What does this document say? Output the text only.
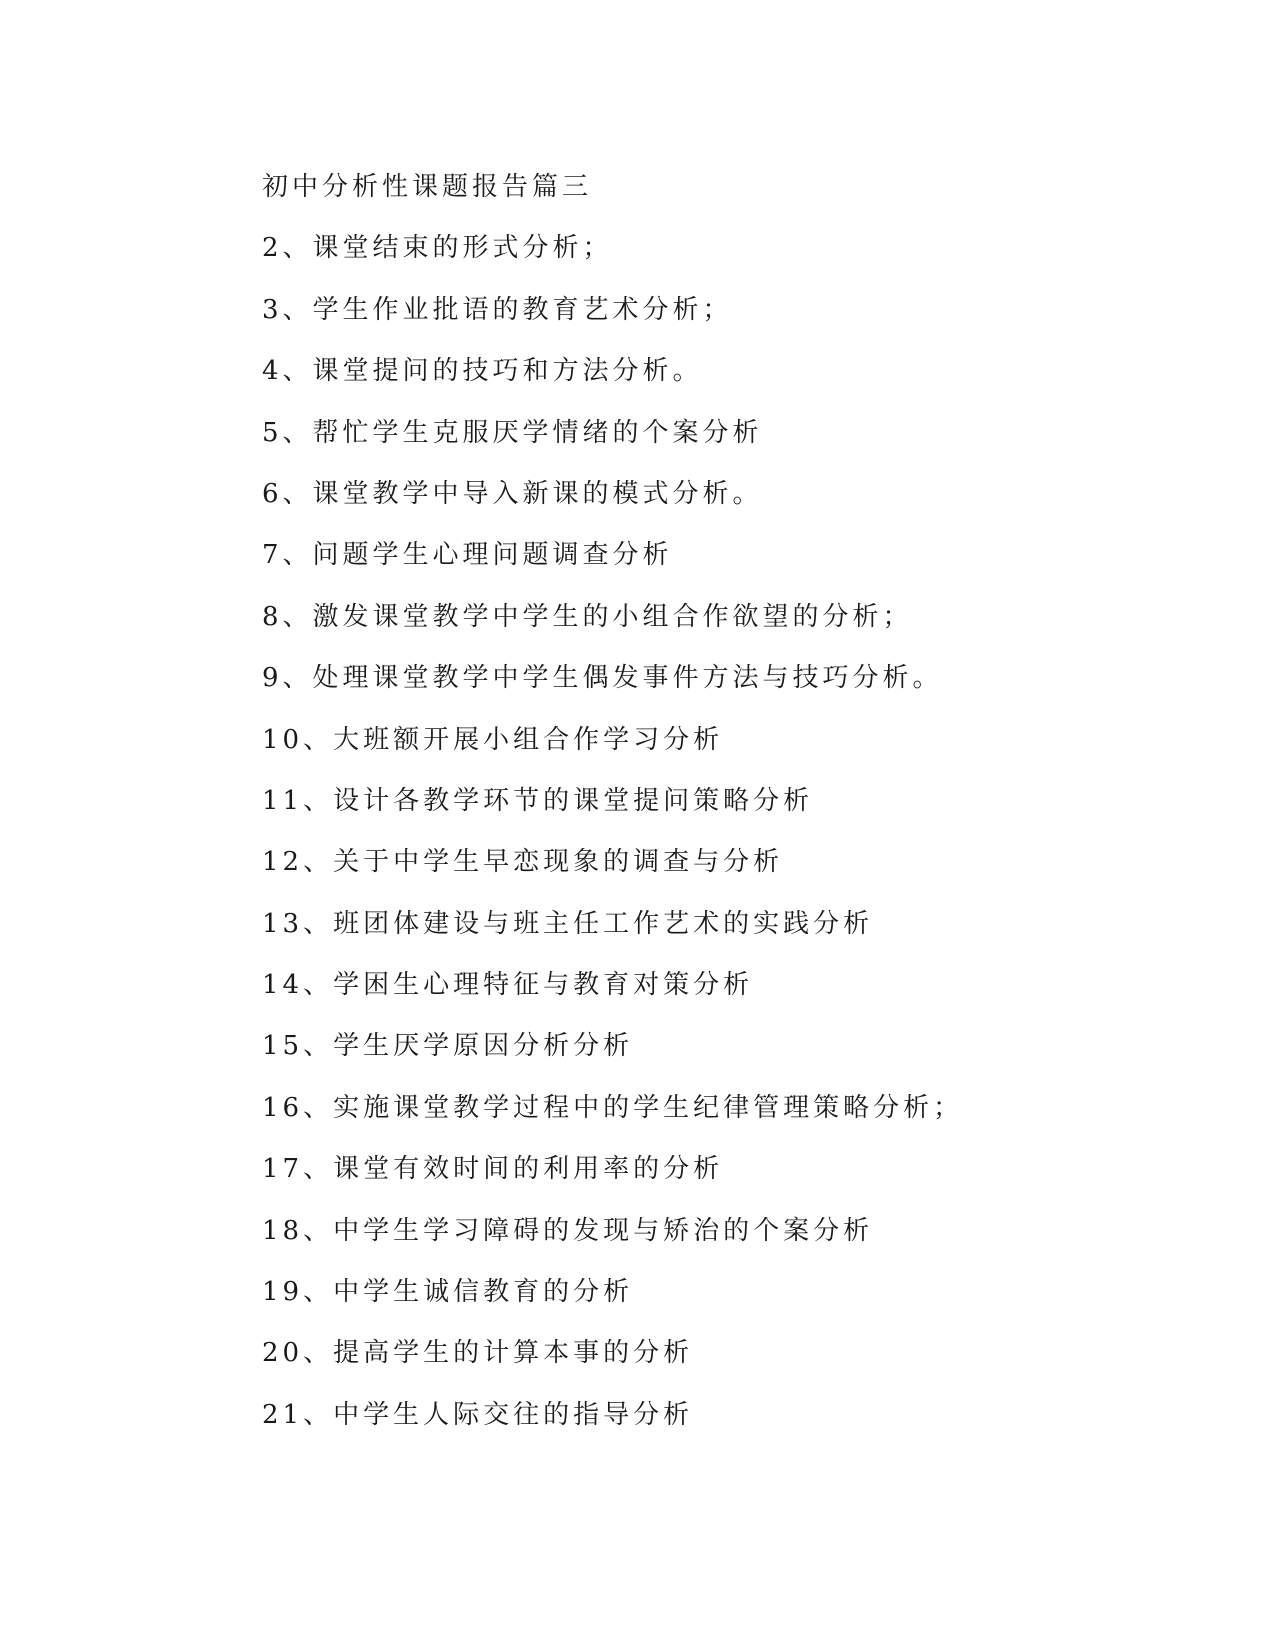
初中分析性课题报告篇三
2、课堂结束的形式分析；
3、学生作业批语的教育艺术分析；
4、课堂提问的技巧和方法分析。
5、帮忙学生克服厌学情绪的个案分析
6、课堂教学中导入新课的模式分析。
7、问题学生心理问题调查分析
8、激发课堂教学中学生的小组合作欲望的分析；
9、处理课堂教学中学生偶发事件方法与技巧分析。
10、大班额开展小组合作学习分析
11、设计各教学环节的课堂提问策略分析
12、关于中学生早恋现象的调查与分析
13、班团体建设与班主任工作艺术的实践分析
14、学困生心理特征与教育对策分析
15、学生厌学原因分析分析
16、实施课堂教学过程中的学生纪律管理策略分析；
17、课堂有效时间的利用率的分析
18、中学生学习障碍的发现与矫治的个案分析
19、中学生诚信教育的分析
20、提高学生的计算本事的分析
21、中学生人际交往的指导分析
